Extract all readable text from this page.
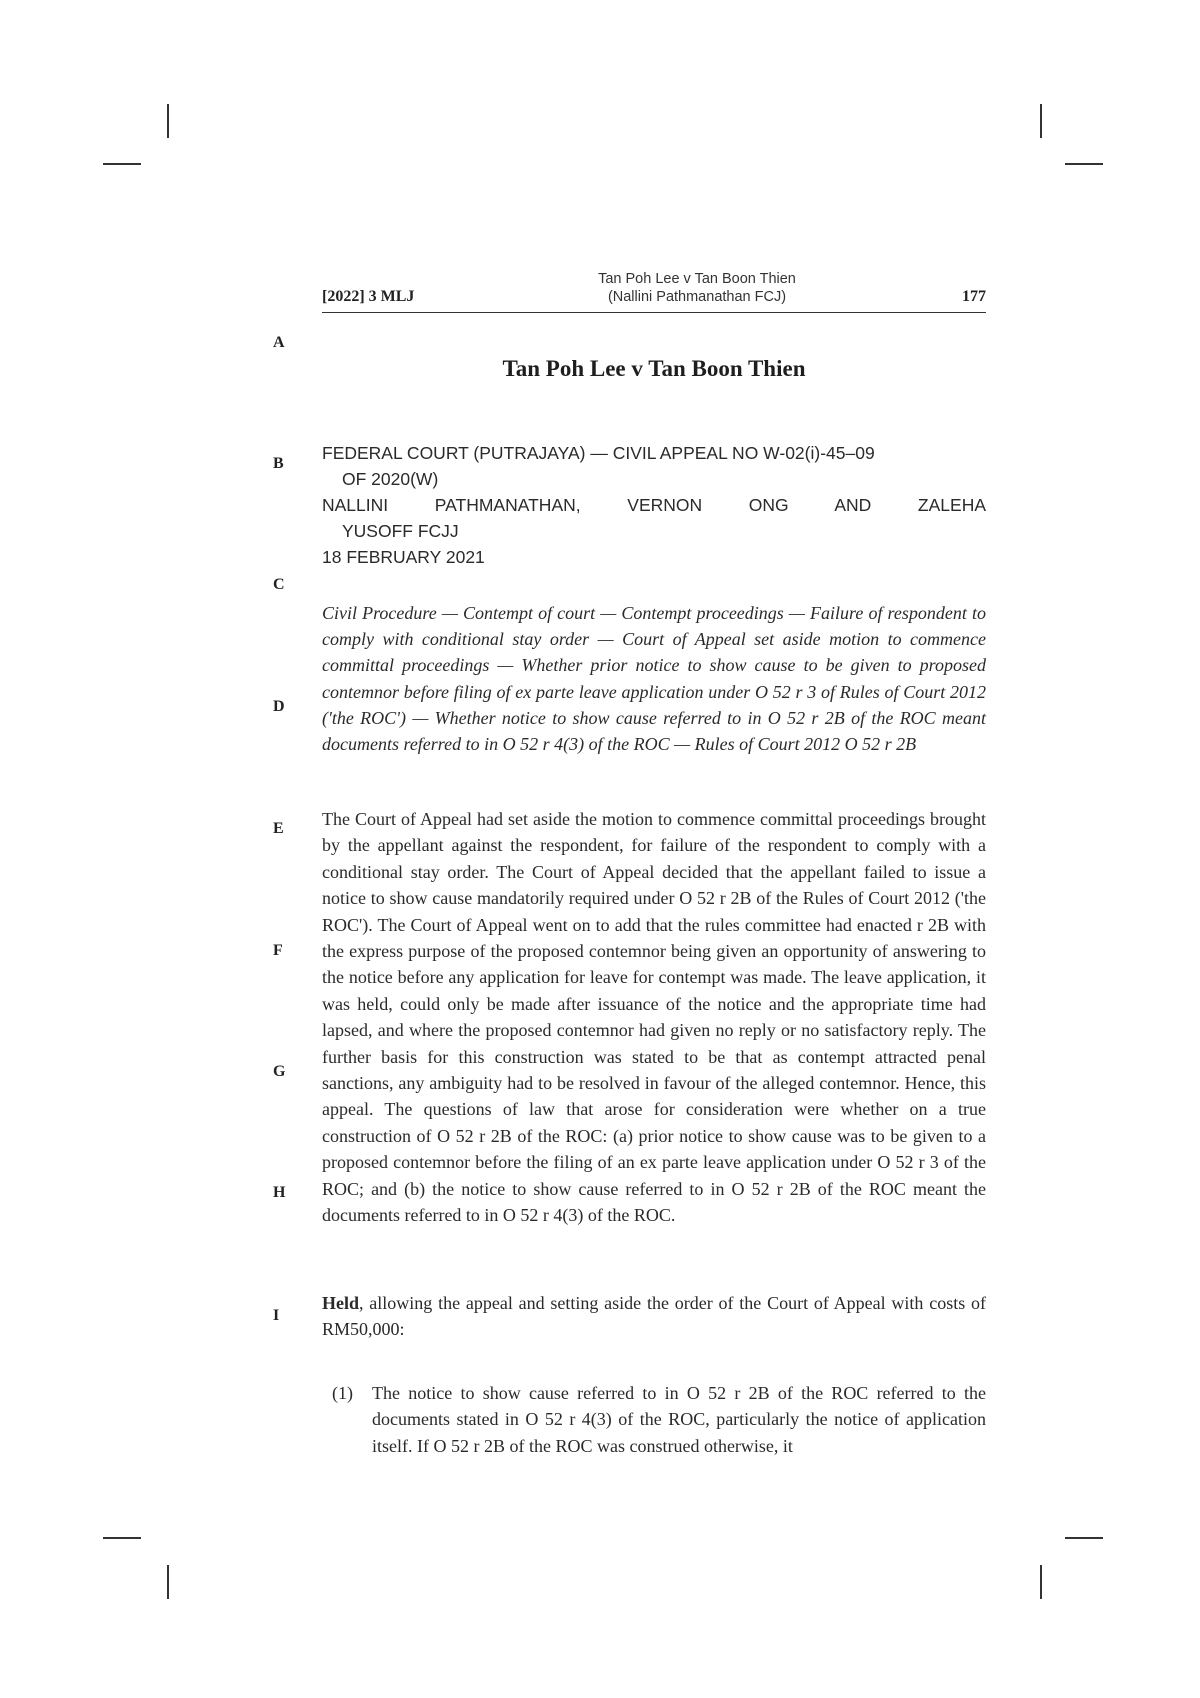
[2022] 3 MLJ
Tan Poh Lee v Tan Boon Thien
(Nallini Pathmanathan FCJ)	177
A
B
C
D
E
F
G
H
I
Tan Poh Lee v Tan Boon Thien
FEDERAL COURT (PUTRAJAYA) — CIVIL APPEAL NO W-02(i)-45–09
OF 2020(W)
NALLINI PATHMANATHAN, VERNON ONG AND ZALEHA
YUSOFF FCJJ
18 FEBRUARY 2021
Civil Procedure — Contempt of court — Contempt proceedings — Failure of respondent to comply with conditional stay order — Court of Appeal set aside motion to commence committal proceedings — Whether prior notice to show cause to be given to proposed contemnor before filing of ex parte leave application under O 52 r 3 of Rules of Court 2012 ('the ROC') — Whether notice to show cause referred to in O 52 r 2B of the ROC meant documents referred to in O 52 r 4(3) of the ROC — Rules of Court 2012 O 52 r 2B
The Court of Appeal had set aside the motion to commence committal proceedings brought by the appellant against the respondent, for failure of the respondent to comply with a conditional stay order. The Court of Appeal decided that the appellant failed to issue a notice to show cause mandatorily required under O 52 r 2B of the Rules of Court 2012 ('the ROC'). The Court of Appeal went on to add that the rules committee had enacted r 2B with the express purpose of the proposed contemnor being given an opportunity of answering to the notice before any application for leave for contempt was made. The leave application, it was held, could only be made after issuance of the notice and the appropriate time had lapsed, and where the proposed contemnor had given no reply or no satisfactory reply. The further basis for this construction was stated to be that as contempt attracted penal sanctions, any ambiguity had to be resolved in favour of the alleged contemnor. Hence, this appeal. The questions of law that arose for consideration were whether on a true construction of O 52 r 2B of the ROC: (a) prior notice to show cause was to be given to a proposed contemnor before the filing of an ex parte leave application under O 52 r 3 of the ROC; and (b) the notice to show cause referred to in O 52 r 2B of the ROC meant the documents referred to in O 52 r 4(3) of the ROC.
Held, allowing the appeal and setting aside the order of the Court of Appeal with costs of RM50,000:
(1) The notice to show cause referred to in O 52 r 2B of the ROC referred to the documents stated in O 52 r 4(3) of the ROC, particularly the notice of application itself. If O 52 r 2B of the ROC was construed otherwise, it
